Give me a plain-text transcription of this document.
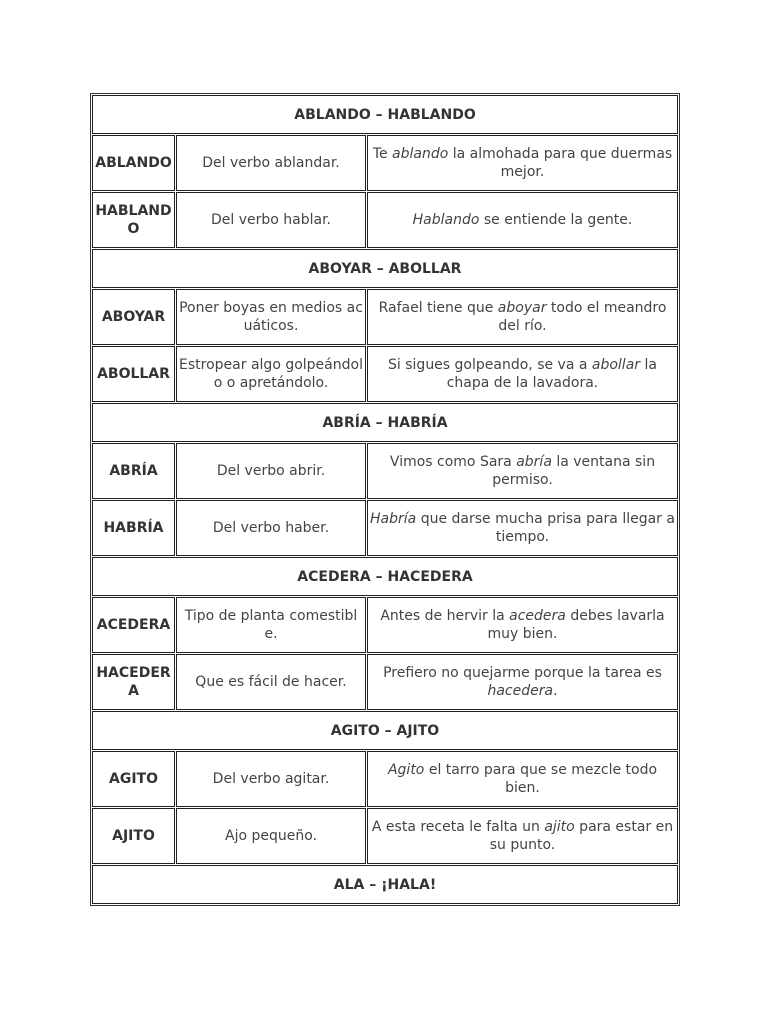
ABLANDO – HABLANDO		
ABLANDO	Del verbo ablandar.	Te ablando la almohada para que duermas mejor.
HABLANDO	Del verbo hablar.	Hablando se entiende la gente.
ABOYAR – ABOLLAR		
ABOYAR	Poner boyas en medios acuáticos.	Rafael tiene que aboyar todo el meandro del río.
ABOLLAR	Estropear algo golpeándolo o apretándolo.	Si sigues golpeando, se va a abollar la chapa de la lavadora.
ABRÍA – HABRÍA		
ABRÍA	Del verbo abrir.	Vimos como Sara abría la ventana sin permiso.
HABRÍA	Del verbo haber.	Habría que darse mucha prisa para llegar a tiempo.
ACEDERA – HACEDERA		
ACEDERA	Tipo de planta comestible.	Antes de hervir la acedera debes lavarla muy bien.
HACEDERA	Que es fácil de hacer.	Prefiero no quejarme porque la tarea es hacedera.
AGITO – AJITO		
AGITO	Del verbo agitar.	Agito el tarro para que se mezcle todo bien.
AJITO	Ajo pequeño.	A esta receta le falta un ajito para estar en su punto.
ALA – ¡HALA!		
